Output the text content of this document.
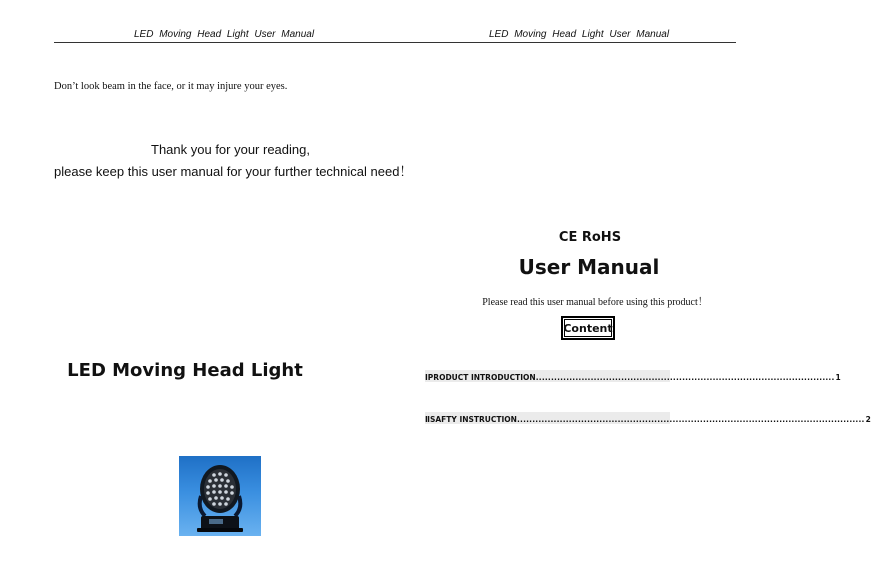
LED Moving Head Light User Manual	LED Moving Head Light User Manual
Don’t look beam in the face, or it may injure your eyes.
Thank you for your reading,
please keep this user manual for your further technical need！
LED Moving Head Light
CE RoHS
User Manual
Please read this user manual before using this product！
Content
Ⅰ PRODUCT INTRODUCTION .................................................................................................. 1
Ⅱ SAFTY INSTRUCTION .................................................................................................................. 2
